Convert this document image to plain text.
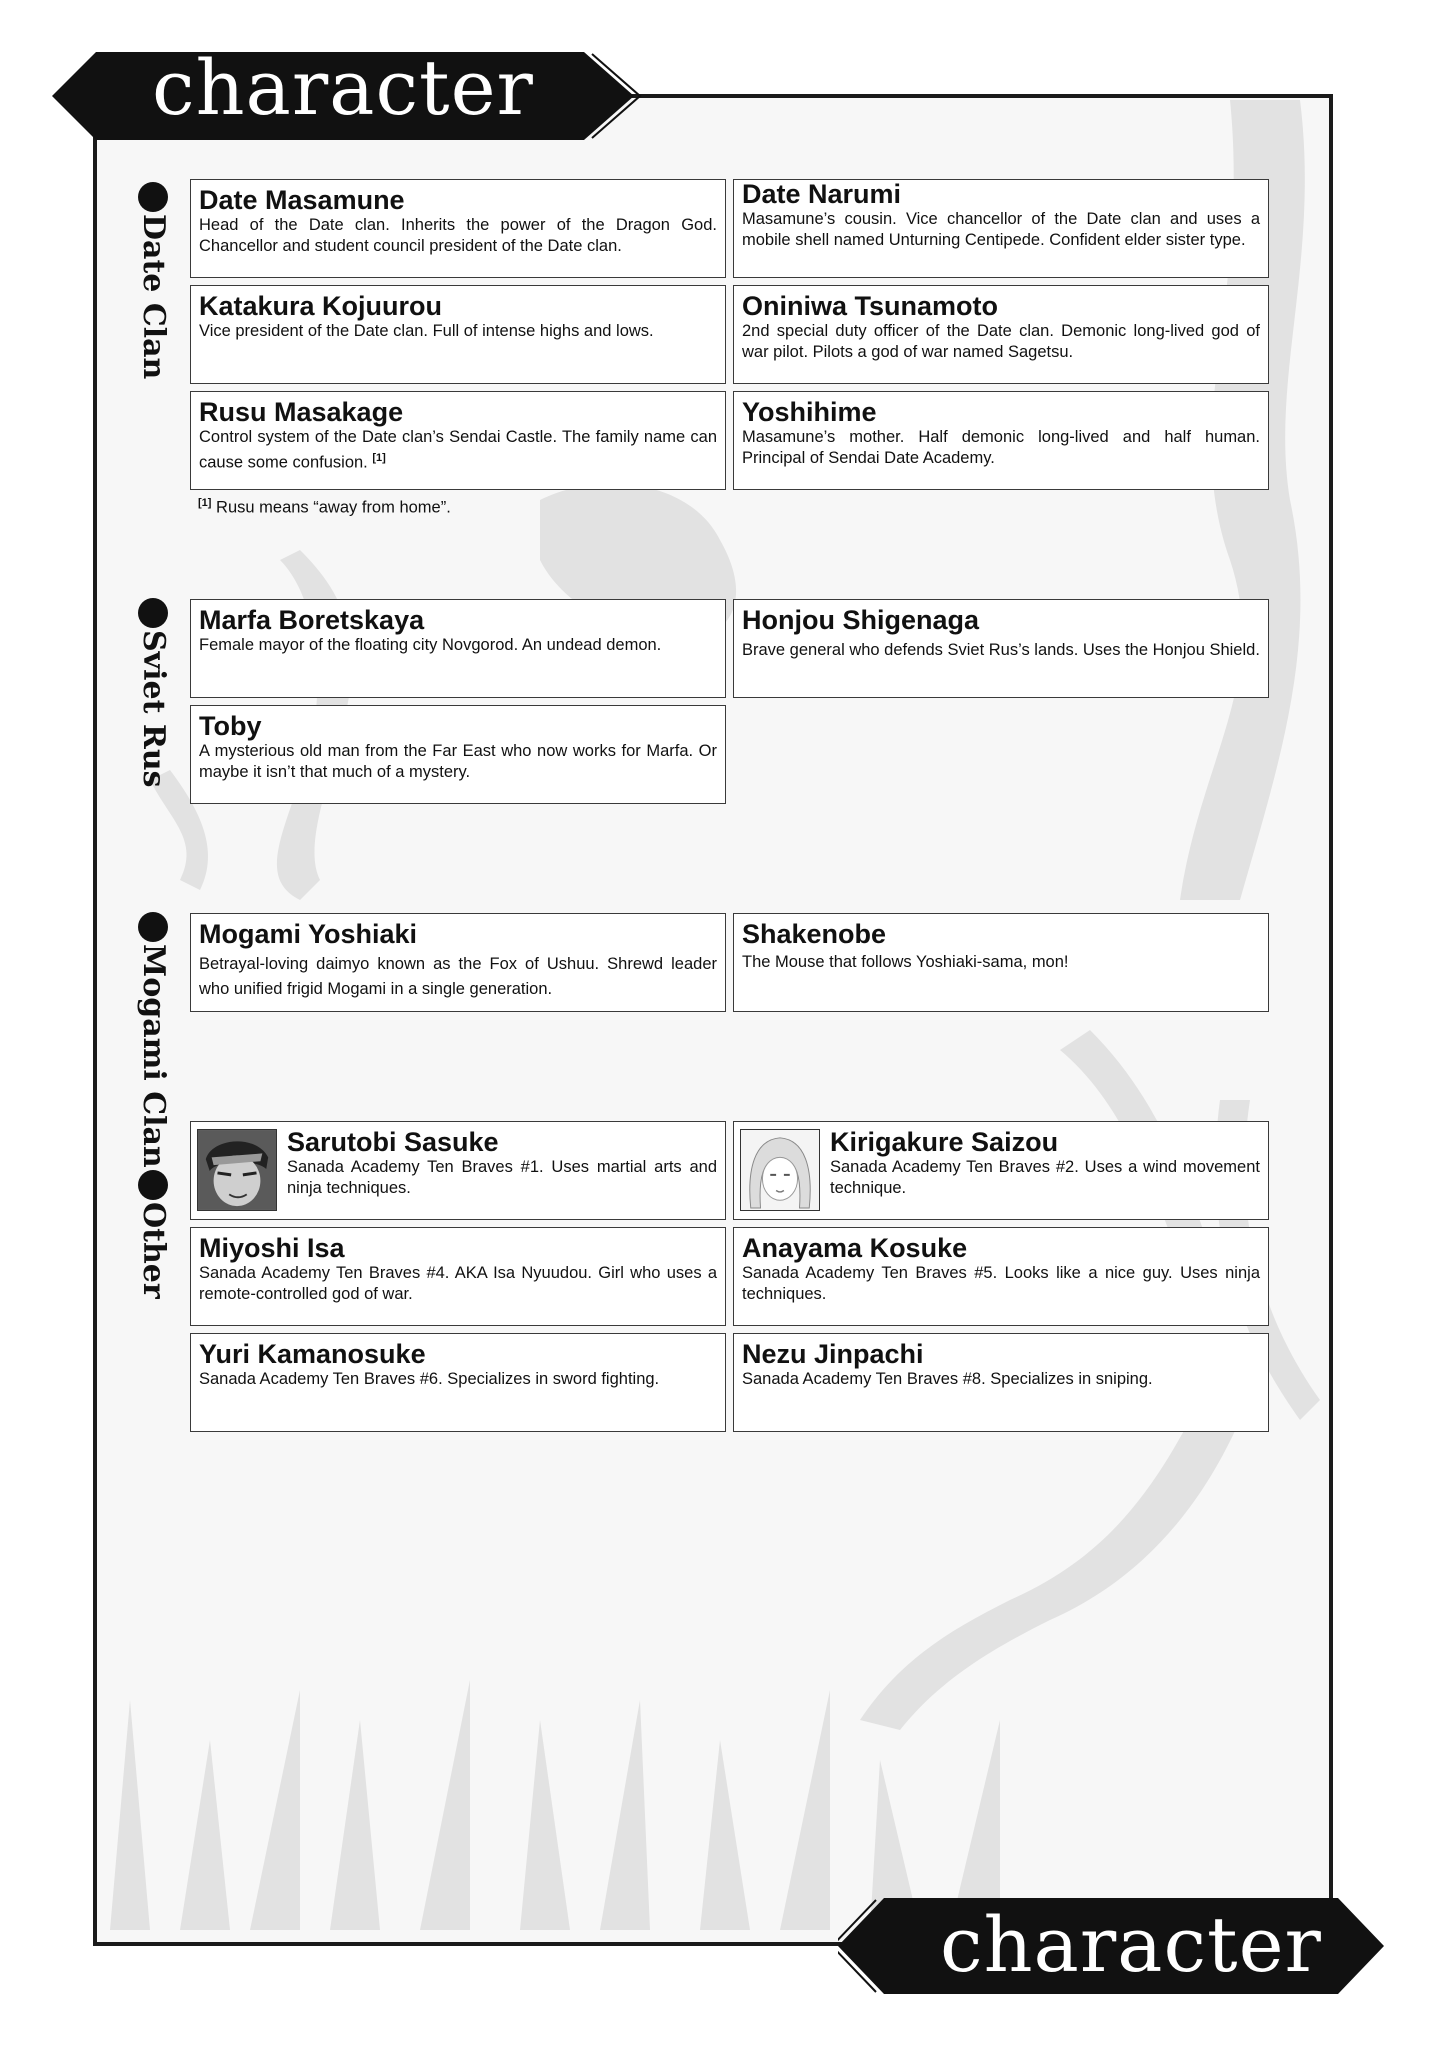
character
character
Date Clan
Sviet Rus
Mogami Clan
Other
Date Masamune
Head of the Date clan. Inherits the power of the Dragon God. Chancellor and student council president of the Date clan.
Date Narumi
Masamune’s cousin. Vice chancellor of the Date clan and uses a mobile shell named Unturning Centipede. Confident elder sister type.
Katakura Kojuurou
Vice president of the Date clan. Full of intense highs and lows.
Oniniwa Tsunamoto
2nd special duty officer of the Date clan. Demonic long-lived god of war pilot. Pilots a god of war named Sagetsu.
Rusu Masakage
Control system of the Date clan’s Sendai Castle. The family name can cause some confusion. [1]
Yoshihime
Masamune’s mother. Half demonic long-lived and half human. Principal of Sendai Date Academy.
[1] Rusu means “away from home”.
Marfa Boretskaya
Female mayor of the floating city Novgorod. An undead demon.
Honjou Shigenaga
Brave general who defends Sviet Rus’s lands. Uses the Honjou Shield.
Toby
A mysterious old man from the Far East who now works for Marfa. Or maybe it isn’t that much of a mystery.
Mogami Yoshiaki
Betrayal-loving daimyo known as the Fox of Ushuu. Shrewd leader who unified frigid Mogami in a single generation.
Shakenobe
The Mouse that follows Yoshiaki-sama, mon!
Sarutobi Sasuke
Sanada Academy Ten Braves #1. Uses martial arts and ninja techniques.
Kirigakure Saizou
Sanada Academy Ten Braves #2. Uses a wind movement technique.
Miyoshi Isa
Sanada Academy Ten Braves #4. AKA Isa Nyuudou. Girl who uses a remote-controlled god of war.
Anayama Kosuke
Sanada Academy Ten Braves #5. Looks like a nice guy. Uses ninja techniques.
Yuri Kamanosuke
Sanada Academy Ten Braves #6. Specializes in sword fighting.
Nezu Jinpachi
Sanada Academy Ten Braves #8. Specializes in sniping.
